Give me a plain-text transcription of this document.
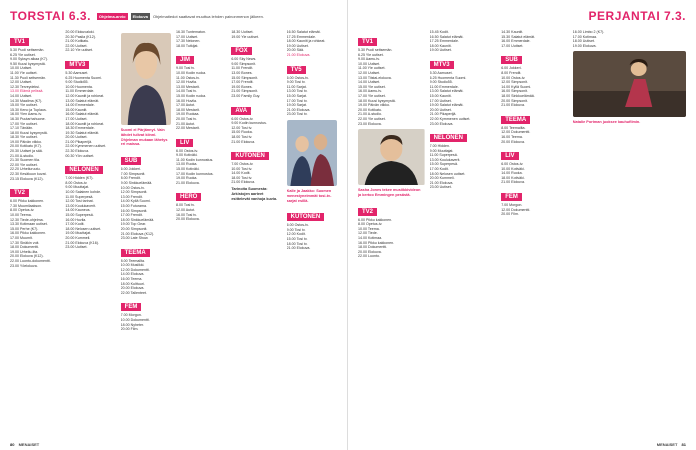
TORSTAI 6.3.	Ohjelma-arvio	Elokuva	Ohjelmatiedot saattavat muuttua lehden painonmenon jälkeen.
TV1
5.30 Puoli seitsemän.
6.25 Yle uutiset.
9.00 Syksyn aikaa (K7).
9.50 Kuusi kysymystä.
10.00 Uutiset.
11.00 Yle uutiset.
11.30 Puoli seitsemän.
12.00 Uutiset.
12.30 Terveydeksi.
13.00 Elämä pelissä.
14.00 Uutiset.
14.30 Maailma (K7).
15.00 Yle uutiset.
15.30 Keno ja Tuplaus.
16.00 Ylen Aamu-tv.
16.30 Puutarhahuone.
17.00 Yle uutiset.
17.10 Tänään.
18.00 Kuusi kysymystä.
18.30 Yle uutiset.
19.00 Päivän viikko.
20.00 Kotikatu (K7).
20.30 Uutiset ja sää.
21.00 A-studio.
21.30 Suomen tila.
22.00 Yle uutiset.
22.20 Urheiluruutu.
22.30 Kesäkuun kuvat.
23.15 Elokuva (K12).
TV2
6.00 Pikku kakkonen.
7.30 Muumilaakson.
8.00 Opetus-tv.
10.00 Teema.
12.30 Tiede-ohjelma.
13.30 Kotimaan uutiset.
15.00 Perhe (K7).
16.00 Pikku kakkonen.
17.00 Muumit.
17.30 Sinäkin voit.
18.00 Dokumentti.
19.00 Urheilu-ilta.
20.00 Elokuva (K12).
22.00 Luonto-dokumentti.
23.00 Yöelokuva.
20.00 Elokuvaloki.
20.30 Pasila (K12).
21.00 Kotikatu.
22.00 Uutiset.
22.10 Yle uutiset.
MTV3
5.30 Aamuset.
6.25 Huomenta Suomi.
9.00 Studio55.
10.00 Huomenta.
11.00 Emmerdale.
12.00 Kauniit ja rohkeat.
13.00 Salatut elämät.
14.00 Emmerdale.
15.00 Kauniit.
16.00 Salatut elämät.
17.00 Uutiset.
18.00 Kauniit ja rohkeat.
18.30 Emmerdale.
19.30 Salatut elämät.
20.00 Uutiset.
21.00 Pikaperijä.
22.00 Kymmenen uutiset.
22.30 Elokuva.
00.30 Yön uutiset.
NELONEN
7.00 Hidden (K7).
8.00 Ostos-tv.
9.00 Muuttajat.
10.00 Salainen kohde.
11.00 Superpesä.
12.00 Tosi tarinat.
13.00 Koulukaverit.
14.00 Kauneus.
15.00 Superpesä.
16.00 Huvila.
17.00 Kodit.
18.00 Nelosen uutiset.
19.00 Muuttajat.
20.00 Kummeli.
21.00 Elokuva (K16).
23.00 Uutiset.
Suomi ei Pärjännyt. Vain tähdet tulivat kiinni. Ohjelman mukaan lähetys eri maissa.
SUB
6.00 Jokkeri.
7.00 Simpsonit.
8.00 Frendit.
9.00 Sinkkuelämää.
10.00 Ostos-tv.
12.00 Simpsonit.
13.00 Frendit.
14.00 Kyllä Suomi.
15.00 Futurama.
16.00 Simpsonit.
17.00 Frendit.
18.00 Sinkkuelämää.
19.00 Top Gear.
20.00 Simpsonit.
21.00 Elokuva (K12).
23.00 Late Show.
TEEMA
8.00 Teemailta.
10.00 Musiikki.
12.00 Dokumentti.
14.00 Elokuva.
16.00 Teema.
18.00 Kulttuuri.
20.00 Elokuva.
22.00 Tallenteet.
FEM
7.00 Morgon.
10.00 Dokumentti.
18.00 Nyheter.
20.00 Film.
16.30 Tuntematon.
17.00 Uutiset.
17.30 Nelonen.
18.00 Tutkijat.
JIM
9.00 Tosi tv.
10.00 Kodin ruoka.
11.00 Ostos-tv.
12.00 Huvila.
13.00 Mestarit.
14.00 Tosi tv.
15.00 Kodin ruoka.
16.00 Huvila.
17.00 Autot.
18.00 Mestarit.
19.00 Ruokaa.
20.00 Tosi tv.
21.00 Autot.
22.00 Mestarit.
LIV
6.00 Ostos-tv.
9.00 Kotiväki.
11.00 Kodin kunnostus.
13.00 Ruoka.
15.00 Kotiväki.
17.00 Kodin kunnostus.
19.00 Ruoka.
21.00 Elokuva.
HERO
8.00 Tosi tv.
12.00 Autot.
16.00 Tosi tv.
20.00 Elokuva.
18.30 Uutiset.
19.00 Yle uutiset.
FOX
6.00 Sky News.
9.00 Simpsonit.
11.00 Frendit.
13.00 Bones.
15.00 Simpsonit.
17.00 Frendit.
19.00 Bones.
21.00 Simpsonit.
23.00 Family Guy.
AVA
6.00 Ostos-tv.
9.00 Kodin kunnostus.
12.00 Tosi tv.
15.00 Ruoka.
18.00 Tosi tv.
21.00 Elokuva.
KUTONEN
7.00 Ostos-tv.
10.00 Tosi tv.
14.00 Kodit.
18.00 Tosi tv.
21.00 Elokuva.
Tarinoita Suomesta: Arkistojen aarteet esittelevät vanhoja kuvia.
16.50 Salatut elämät.
17.25 Emmerdale.
18.00 Kauniit ja rohkeat.
19.00 Uutiset.
20.00 Sää.
21.00 Elokuva.
TV5
6.00 Ostos-tv.
9.00 Tosi tv.
11.00 Sarjat.
13.00 Tosi tv.
15.00 Sarjat.
17.00 Tosi tv.
19.00 Sarjat.
21.00 Elokuva.
23.00 Tosi tv.
Kalle ja Jaakko: Suomen menestyneimmät tosi-tv-sarjat esillä.
KUTONEN
6.00 Ostos-tv.
9.00 Tosi tv.
12.00 Kodit.
15.00 Tosi tv.
18.00 Tosi tv.
21.00 Elokuva.
80 MENAISET
PERJANTAI 7.3.
TV1
5.30 Puoli seitsemän.
6.25 Yle uutiset.
9.00 Aamu-tv.
10.00 Uutiset.
11.00 Yle uutiset.
12.00 Uutiset.
13.00 Tiistai-elokuva.
14.00 Uutiset.
15.00 Yle uutiset.
16.00 Aamu-tv.
17.00 Yle uutiset.
18.00 Kuusi kysymystä.
19.00 Päivän viikko.
20.00 Kotikatu.
21.00 A-studio.
22.00 Yle uutiset.
23.00 Elokuva.
Sasha Jones tekee musiikkivideon ja kertoo Emmingen pesästä.
TV2
6.00 Pikku kakkonen.
8.00 Opetus-tv.
10.00 Teema.
12.00 Tiede.
14.00 Kotimaa.
16.00 Pikku kakkonen.
18.00 Dokumentti.
20.00 Elokuva.
22.00 Luonto.
15.45 Kodit.
16.50 Salatut elämät.
17.25 Emmerdale.
18.00 Kauniit.
19.00 Uutiset.
MTV3
5.30 Aamuset.
6.25 Huomenta Suomi.
9.00 Studio55.
11.00 Emmerdale.
13.00 Salatut elämät.
15.00 Kauniit.
17.00 Uutiset.
19.00 Salatut elämät.
20.00 Uutiset.
21.00 Pikaperijä.
22.00 Kymmenen uutiset.
23.00 Elokuva.
NELONEN
7.00 Hidden.
9.00 Muuttajat.
11.00 Superpesä.
13.00 Koulukaverit.
15.00 Superpesä.
17.00 Kodit.
18.00 Nelosen uutiset.
20.00 Kummeli.
21.00 Elokuva.
23.00 Uutiset.
14.30 Kauniit.
15.30 Salatut elämät.
16.00 Emmerdale.
17.00 Uutiset.
SUB
6.00 Jokkeri.
8.00 Frendit.
10.00 Ostos-tv.
12.00 Simpsonit.
14.00 Kyllä Suomi.
16.00 Simpsonit.
18.00 Sinkkuelämää.
20.00 Simpsonit.
21.00 Elokuva.
TEEMA
8.00 Teemailta.
12.00 Dokumentti.
16.00 Teema.
20.00 Elokuva.
LIV
6.00 Ostos-tv.
10.00 Kotiväki.
14.00 Ruoka.
18.00 Kotiväki.
21.00 Elokuva.
FEM
7.00 Morgon.
12.00 Dokumentti.
20.00 Film.
16.00 Limbo 2 (K7).
17.00 Kotimaa.
18.00 Uutiset.
19.00 Elokuva.
Natalie Portman juoksee kauhufilmin.
MENAISET 81
